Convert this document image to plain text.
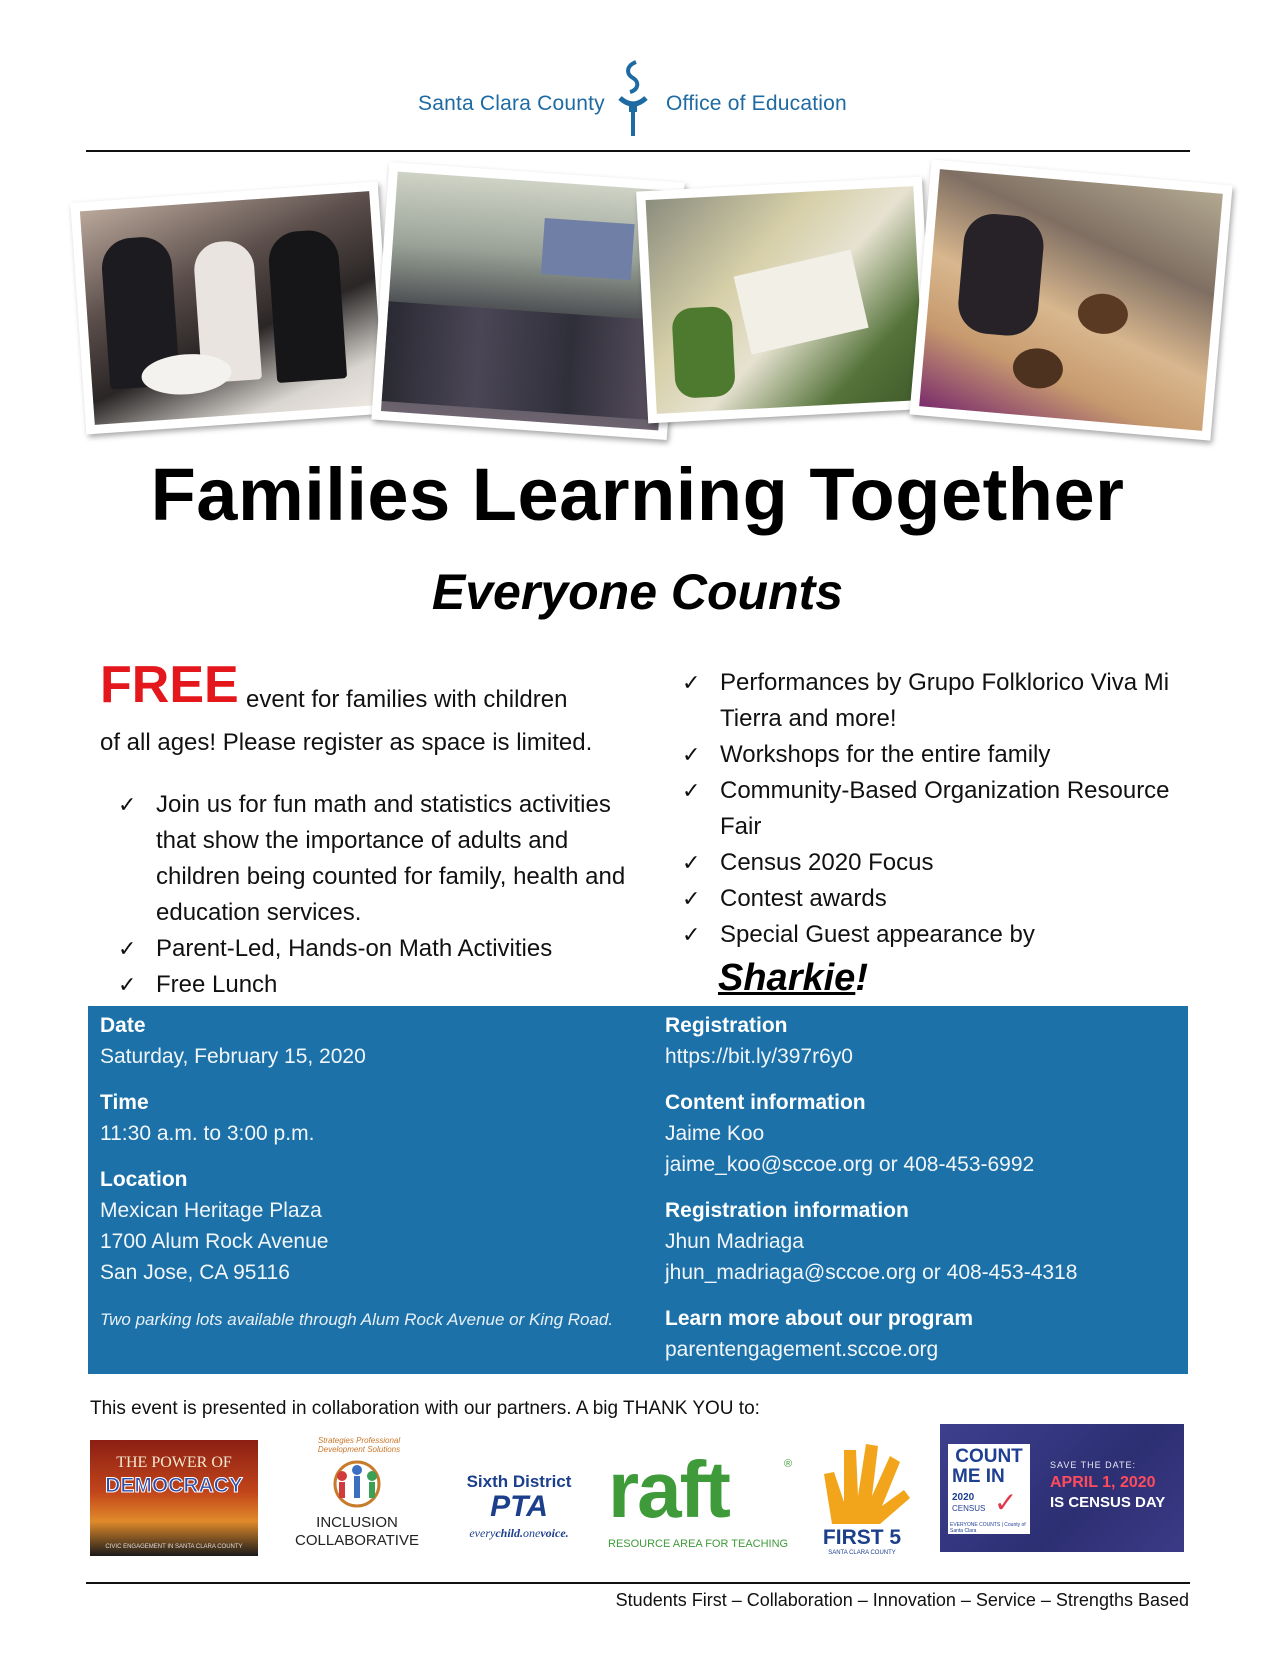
Santa Clara County	Office of Education
Families Learning Together
Everyone Counts
FREE event for families with children
of all ages! Please register as space is limited.
✓ Join us for fun math and statistics activities that show the importance of adults and children being counted for family, health and education services.
✓ Parent-Led, Hands-on Math Activities
✓ Free Lunch
✓ Performances by Grupo Folklorico Viva Mi Tierra and more!
✓ Workshops for the entire family
✓ Community-Based Organization Resource Fair
✓ Census 2020 Focus
✓ Contest awards
✓ Special Guest appearance by
Sharkie!
Date
Saturday, February 15, 2020
Time
11:30 a.m. to 3:00 p.m.
Location
Mexican Heritage Plaza
1700 Alum Rock Avenue
San Jose, CA 95116
Two parking lots available through Alum Rock Avenue or King Road.
Registration
https://bit.ly/397r6y0
Content information
Jaime Koo
jaime_koo@sccoe.org or 408-453-6992
Registration information
Jhun Madriaga
jhun_madriaga@sccoe.org or 408-453-4318
Learn more about our program
parentengagement.sccoe.org
This event is presented in collaboration with our partners. A big THANK YOU to:
THE POWER OF
DEMOCRACY
CIVIC ENGAGEMENT IN SANTA CLARA COUNTY
Strategies Professional Development Solutions
INCLUSION
COLLABORATIVE
Sixth District
PTA
everychild.onevoice. raft	®
RESOURCE AREA FOR TEACHING	FIRST 5
SANTA CLARA COUNTY
COUNT
ME IN
2020
CENSUS ✓
EVERYONE COUNTS | County of Santa Clara
SAVE THE DATE:
APRIL 1, 2020
IS CENSUS DAY
Students First – Collaboration – Innovation – Service – Strengths Based
